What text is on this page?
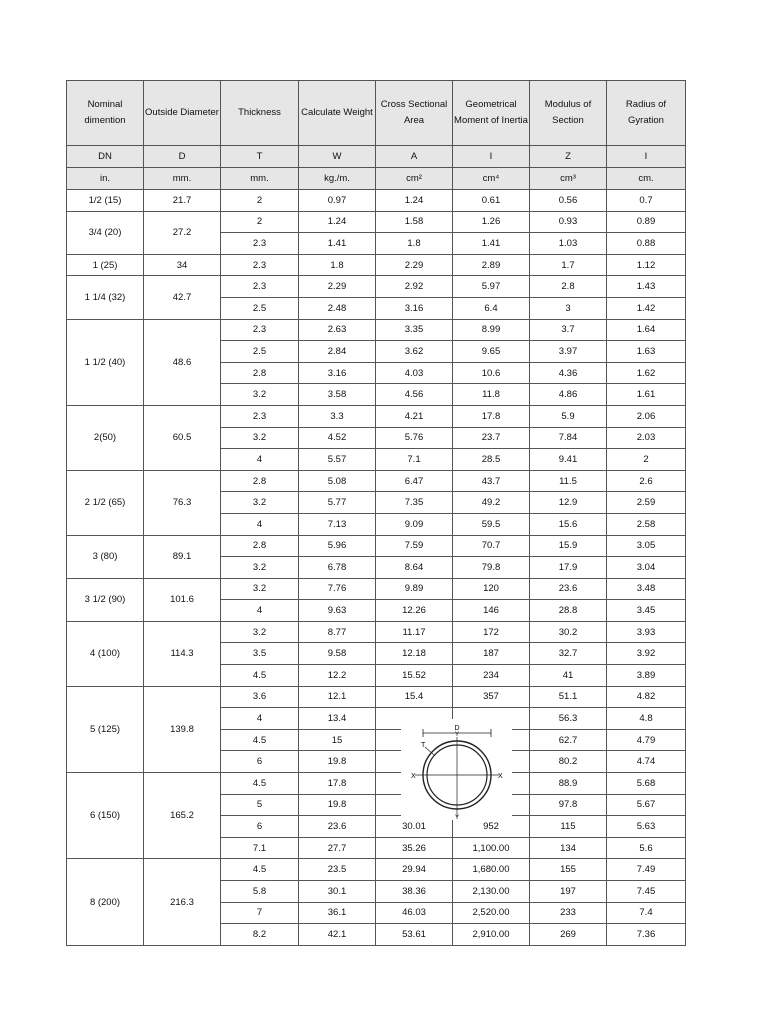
Nominal dimention	Outside Diameter	Thickness	Calculate Weight	Cross Sectional Area	Geometrical Moment of Inertia	Modulus of Section	Radius of Gyration
DN	D	T	W	A	I	Z	I
in.	mm.	mm.	kg./m.	cm²	cm⁴	cm³	cm.
1/2 (15)	21.7	2	0.97	1.24	0.61	0.56	0.7
3/4 (20)	27.2	2	1.24	1.58	1.26	0.93	0.89
		2.3	1.41	1.8	1.41	1.03	0.88
1 (25)	34	2.3	1.8	2.29	2.89	1.7	1.12
1 1/4 (32)	42.7	2.3	2.29	2.92	5.97	2.8	1.43
		2.5	2.48	3.16	6.4	3	1.42
1 1/2 (40)	48.6	2.3	2.63	3.35	8.99	3.7	1.64
		2.5	2.84	3.62	9.65	3.97	1.63
		2.8	3.16	4.03	10.6	4.36	1.62
		3.2	3.58	4.56	11.8	4.86	1.61
2(50)	60.5	2.3	3.3	4.21	17.8	5.9	2.06
		3.2	4.52	5.76	23.7	7.84	2.03
		4	5.57	7.1	28.5	9.41	2
2 1/2 (65)	76.3	2.8	5.08	6.47	43.7	11.5	2.6
		3.2	5.77	7.35	49.2	12.9	2.59
		4	7.13	9.09	59.5	15.6	2.58
3 (80)	89.1	2.8	5.96	7.59	70.7	15.9	3.05
		3.2	6.78	8.64	79.8	17.9	3.04
3 1/2 (90)	101.6	3.2	7.76	9.89	120	23.6	3.48
		4	9.63	12.26	146	28.8	3.45
4 (100)	114.3	3.2	8.77	11.17	172	30.2	3.93
		3.5	9.58	12.18	187	32.7	3.92
		4.5	12.2	15.52	234	41	3.89
5 (125)	139.8	3.6	12.1	15.4	357	51.1	4.82
		4	13.4			56.3	4.8
		4.5	15			62.7	4.79
		6	19.8			80.2	4.74
6 (150)	165.2	4.5	17.8			88.9	5.68
		5	19.8			97.8	5.67
		6	23.6	30.01	952	115	5.63
		7.1	27.7	35.26	1,100.00	134	5.6
8 (200)	216.3	4.5	23.5	29.94	1,680.00	155	7.49
		5.8	30.1	38.36	2,130.00	197	7.45
		7	36.1	46.03	2,520.00	233	7.4
		8.2	42.1	53.61	2,910.00	269	7.36
D
T
X	X
Y
Y
